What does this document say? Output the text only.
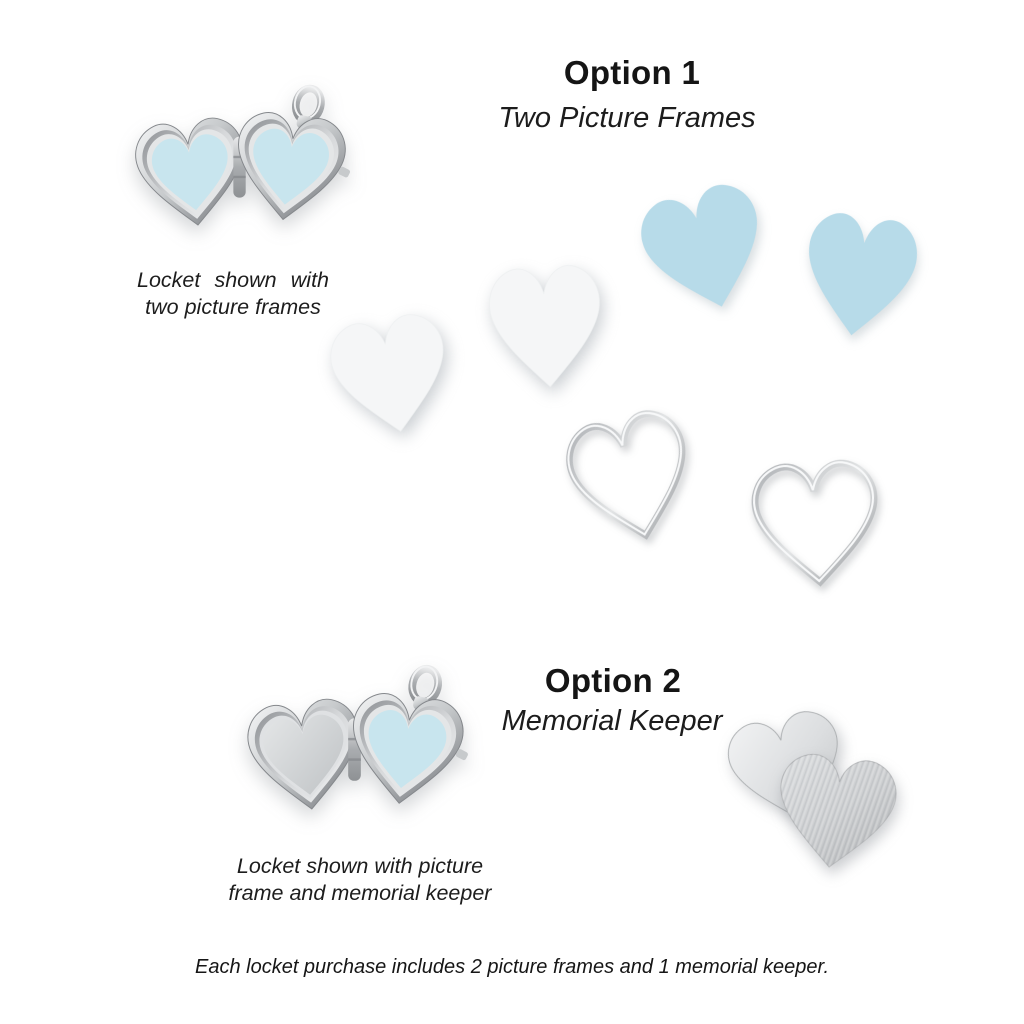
Option 1
Two Picture Frames
Locket shown with
two picture frames
Option 2
Memorial Keeper
Locket shown with picture
frame and memorial keeper
Each locket purchase includes 2 picture frames and 1 memorial keeper.
